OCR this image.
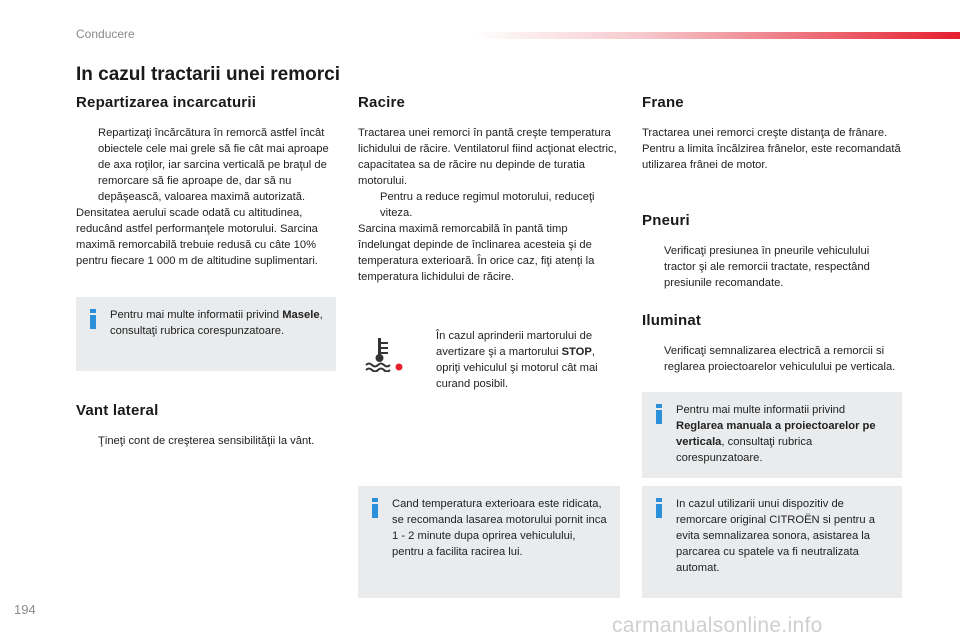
Conducere
In cazul tractarii unei remorci
Repartizarea incarcaturii
Repartizaţi încărcătura în remorcă astfel încât obiectele cele mai grele să fie cât mai aproape de axa roţilor, iar sarcina verticală pe braţul de remorcare să fie aproape de, dar să nu depăşească, valoarea maximă autorizată.

Densitatea aerului scade odată cu altitudinea, reducând astfel performanţele motorului. Sarcina maximă remorcabilă trebuie redusă cu câte 10% pentru fiecare 1 000 m de altitudine suplimentari.

Pentru mai multe informatii privind Masele, consultaţi rubrica corespunzatoare.
Vant lateral
Ţineţi cont de creşterea sensibilităţii la vânt.
Racire

Tractarea unei remorci în pantă creşte temperatura lichidului de răcire. Ventilatorul fiind acţionat electric, capacitatea sa de răcire nu depinde de turatia motorului.

Pentru a reduce regimul motorului, reduceţi viteza.

Sarcina maximă remorcabilă în pantă timp îndelungat depinde de înclinarea acesteia şi de temperatura exterioară. În orice caz, fiţi atenţi la temperatura lichidului de răcire.

În cazul aprinderii martorului de avertizare şi a martorului STOP, opriţi vehiculul şi motorul cât mai curand posibil.
Cand temperatura exterioara este ridicata, se recomanda lasarea motorului pornit inca 1 - 2 minute dupa oprirea vehiculului, pentru a facilita racirea lui.
Frane

Tractarea unei remorci creşte distanţa de frânare. Pentru a limita încălzirea frânelor, este recomandată utilizarea frânei de motor.

Pneuri
Verificaţi presiunea în pneurile vehiculului tractor şi ale remorcii tractate, respectând presiunile recomandate.
Iluminat
Verificaţi semnalizarea electrică a remorcii si reglarea proiectoarelor vehiculului pe verticala.
Pentru mai multe informatii privind Reglarea manuala a proiectoarelor pe verticala, consultaţi rubrica corespunzatoare.
In cazul utilizarii unui dispozitiv de remorcare original CITROËN si pentru a evita semnalizarea sonora, asistarea la parcarea cu spatele va fi neutralizata automat.
194
carmanualsonline.info
